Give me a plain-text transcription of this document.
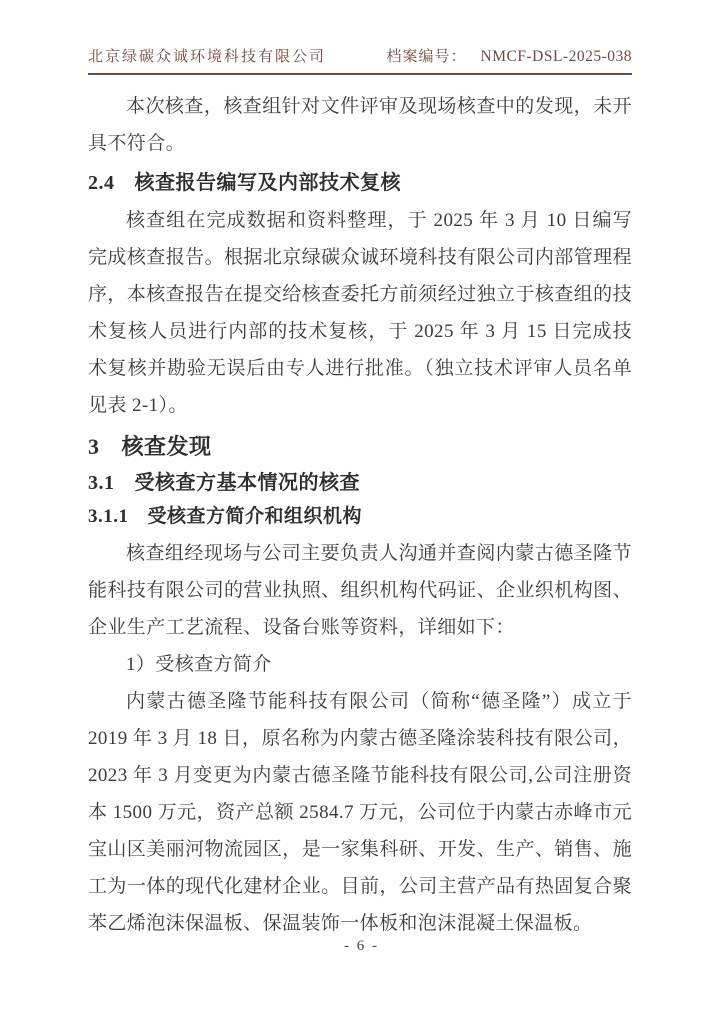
北京绿碳众诚环境科技有限公司	档案编号： NMCF-DSL-2025-038

本次核查，核查组针对文件评审及现场核查中的发现，未开具不符合。

2.4 核查报告编写及内部技术复核

核查组在完成数据和资料整理，于 2025 年 3 月 10 日编写完成核查报告。根据北京绿碳众诚环境科技有限公司内部管理程序，本核查报告在提交给核查委托方前须经过独立于核查组的技术复核人员进行内部的技术复核，于 2025 年 3 月 15 日完成技术复核并勘验无误后由专人进行批准。（独立技术评审人员名单见表 2-1）。

3 核查发现

3.1 受核查方基本情况的核查

3.1.1 受核查方简介和组织机构

核查组经现场与公司主要负责人沟通并查阅内蒙古德圣隆节能科技有限公司的营业执照、组织机构代码证、企业织机构图、企业生产工艺流程、设备台账等资料，详细如下：

1）受核查方简介

内蒙古德圣隆节能科技有限公司（简称“德圣隆”）成立于 2019 年 3 月 18 日，原名称为内蒙古德圣隆涂装科技有限公司，2023 年 3 月变更为内蒙古德圣隆节能科技有限公司,公司注册资本 1500 万元，资产总额 2584.7 万元，公司位于内蒙古赤峰市元宝山区美丽河物流园区，是一家集科研、开发、生产、销售、施工为一体的现代化建材企业。目前，公司主营产品有热固复合聚苯乙烯泡沫保温板、保温装饰一体板和泡沫混凝土保温板。

- 6 -
